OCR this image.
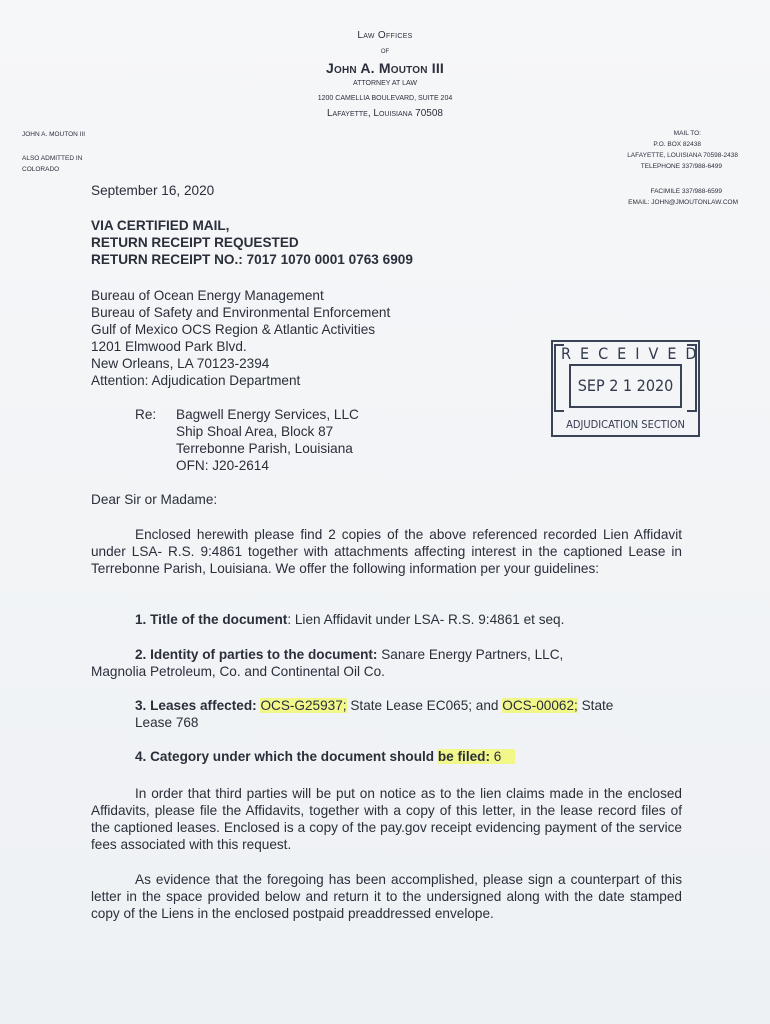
Law Offices
of
John A. Mouton III
ATTORNEY AT LAW
1200 CAMELLIA BOULEVARD, SUITE 204
Lafayette, Louisiana 70508
JOHN A. MOUTON III
ALSO ADMITTED IN
COLORADO
MAIL TO:
P.O. BOX 82438
LAFAYETTE, LOUISIANA 70598-2438
TELEPHONE 337/988-6499
FACIMILE 337/988-6599
EMAIL: JOHN@JMOUTONLAW.COM
September 16, 2020
VIA CERTIFIED MAIL,
RETURN RECEIPT REQUESTED
RETURN RECEIPT NO.: 7017 1070 0001 0763 6909
Bureau of Ocean Energy Management
Bureau of Safety and Environmental Enforcement
Gulf of Mexico OCS Region & Atlantic Activities
1201 Elmwood Park Blvd.
New Orleans, LA 70123-2394
Attention: Adjudication Department
RECEIVED
SEP 2 1 2020
ADJUDICATION SECTION
Re: Bagwell Energy Services, LLC
Ship Shoal Area, Block 87
Terrebonne Parish, Louisiana
OFN: J20-2614
Dear Sir or Madame:
Enclosed herewith please find 2 copies of the above referenced recorded Lien Affidavit under LSA- R.S. 9:4861 together with attachments affecting interest in the captioned Lease in Terrebonne Parish, Louisiana. We offer the following information per your guidelines:
1. Title of the document: Lien Affidavit under LSA- R.S. 9:4861 et seq.
2. Identity of parties to the document: Sanare Energy Partners, LLC,
Magnolia Petroleum, Co. and Continental Oil Co.
3. Leases affected: OCS-G25937; State Lease EC065; and OCS-00062; State
Lease 768
4. Category under which the document should be filed: 6
In order that third parties will be put on notice as to the lien claims made in the enclosed Affidavits, please file the Affidavits, together with a copy of this letter, in the lease record files of the captioned leases. Enclosed is a copy of the pay.gov receipt evidencing payment of the service fees associated with this request.
As evidence that the foregoing has been accomplished, please sign a counterpart of this letter in the space provided below and return it to the undersigned along with the date stamped copy of the Liens in the enclosed postpaid preaddressed envelope.
